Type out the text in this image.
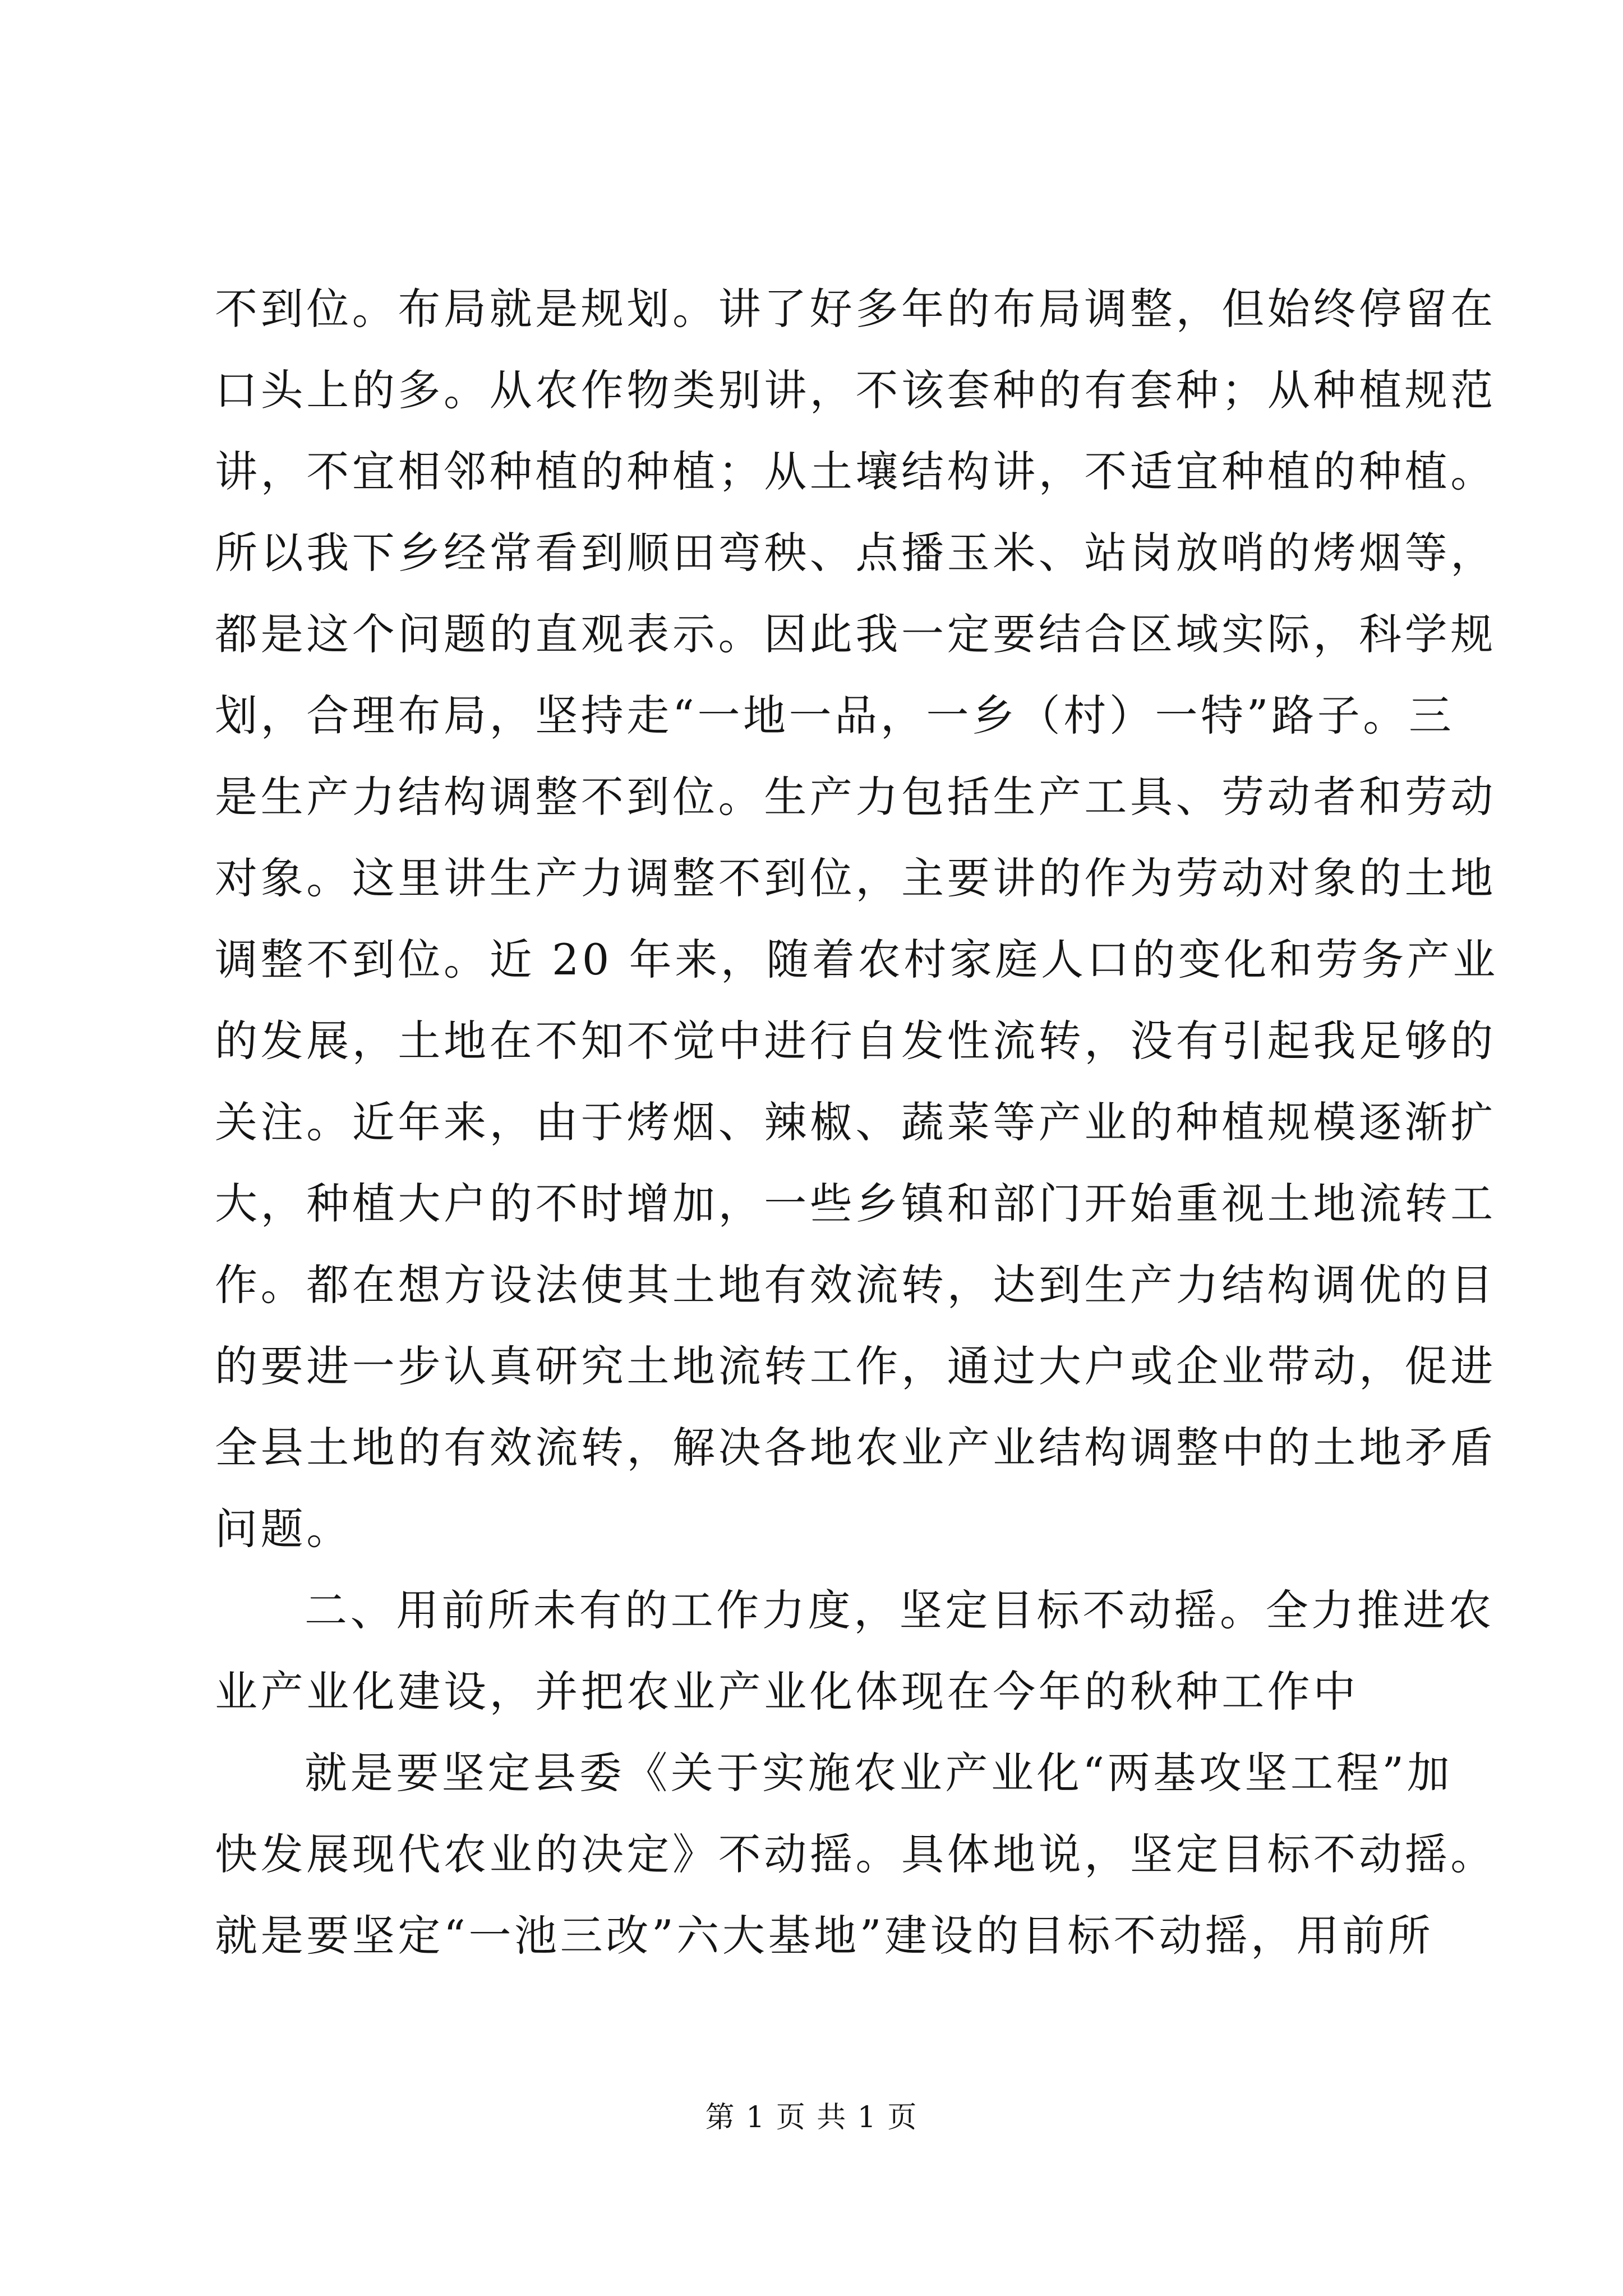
不到位。布局就是规划。讲了好多年的布局调整，但始终停留在
口头上的多。从农作物类别讲，不该套种的有套种；从种植规范
讲，不宜相邻种植的种植；从土壤结构讲，不适宜种植的种植。
所以我下乡经常看到顺田弯秧、点播玉米、站岗放哨的烤烟等，
都是这个问题的直观表示。因此我一定要结合区域实际，科学规
划，合理布局，坚持走“一地一品，一乡（村）一特”路子。三
是生产力结构调整不到位。生产力包括生产工具、劳动者和劳动
对象。这里讲生产力调整不到位，主要讲的作为劳动对象的土地
调整不到位。近 20 年来，随着农村家庭人口的变化和劳务产业
的发展，土地在不知不觉中进行自发性流转，没有引起我足够的
关注。近年来，由于烤烟、辣椒、蔬菜等产业的种植规模逐渐扩
大，种植大户的不时增加，一些乡镇和部门开始重视土地流转工
作。都在想方设法使其土地有效流转，达到生产力结构调优的目
的要进一步认真研究土地流转工作，通过大户或企业带动，促进
全县土地的有效流转，解决各地农业产业结构调整中的土地矛盾
问题。
二、用前所未有的工作力度，坚定目标不动摇。全力推进农
业产业化建设，并把农业产业化体现在今年的秋种工作中
就是要坚定县委《关于实施农业产业化“两基攻坚工程”加
快发展现代农业的决定》不动摇。具体地说，坚定目标不动摇。
就是要坚定“一池三改”六大基地”建设的目标不动摇，用前所
第 1 页 共 1 页
